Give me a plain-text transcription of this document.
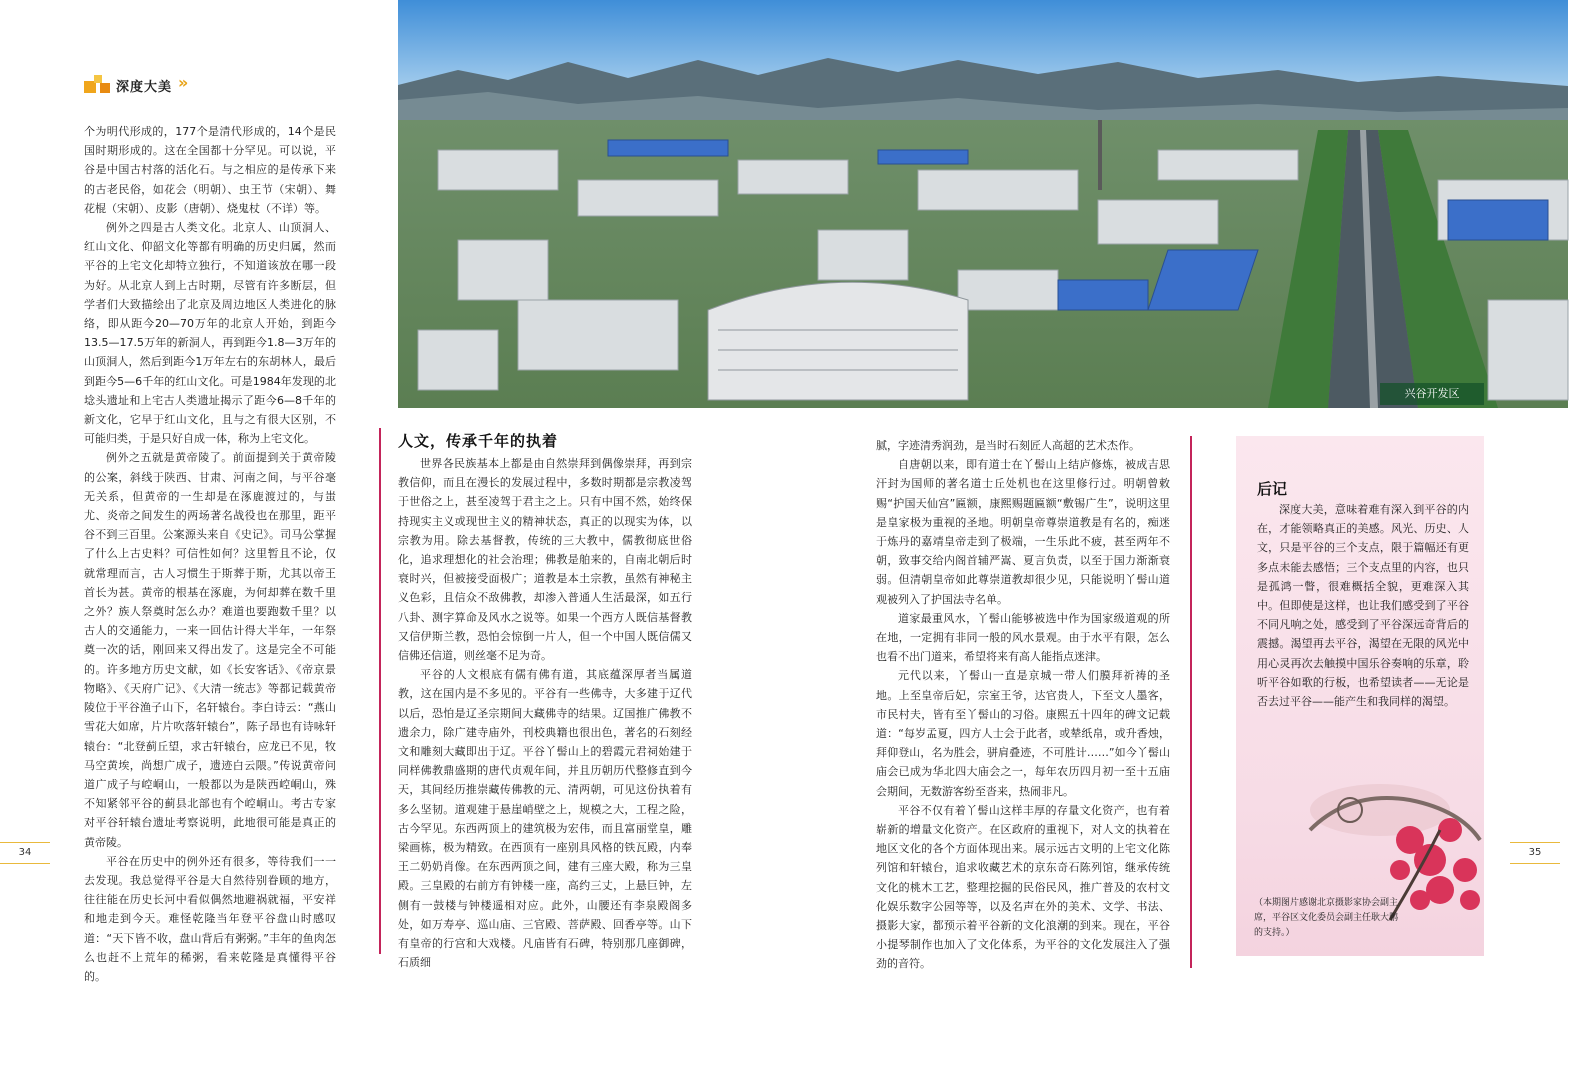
深度大美 »

个为明代形成的，177个是清代形成的，14个是民国时期形成的。这在全国都十分罕见。可以说，平谷是中国古村落的活化石。与之相应的是传承下来的古老民俗，如花会（明朝）、虫王节（宋朝）、舞花棍（宋朝）、皮影（唐朝）、烧鬼杖（不详）等。

例外之四是古人类文化。北京人、山顶洞人、红山文化、仰韶文化等都有明确的历史归属，然而平谷的上宅文化却特立独行，不知道该放在哪一段为好。从北京人到上古时期，尽管有许多断层，但学者们大致描绘出了北京及周边地区人类进化的脉络，即从距今20—70万年的北京人开始，到距今13.5—17.5万年的新洞人，再到距今1.8—3万年的山顶洞人，然后到距今1万年左右的东胡林人，最后到距今5—6千年的红山文化。可是1984年发现的北埝头遗址和上宅古人类遗址揭示了距今6—8千年的新文化，它早于红山文化，且与之有很大区别，不可能归类，于是只好自成一体，称为上宅文化。

例外之五就是黄帝陵了。前面提到关于黄帝陵的公案，斜线于陕西、甘肃、河南之间，与平谷毫无关系，但黄帝的一生却是在涿鹿渡过的，与蚩尤、炎帝之间发生的两场著名战役也在那里，距平谷不到三百里。公案源头来自《史记》。司马公掌握了什么上古史料？可信性如何？这里暂且不论，仅就常理而言，古人习惯生于斯葬于斯，尤其以帝王首长为甚。黄帝的根基在涿鹿，为何却葬在数千里之外？族人祭奠时怎么办？难道也要跑数千里？以古人的交通能力，一来一回估计得大半年，一年祭奠一次的话，刚回来又得出发了。这是完全不可能的。许多地方历史文献，如《长安客话》、《帝京景物略》、《天府广记》、《大清一统志》等都记载黄帝陵位于平谷渔子山下，名轩辕台。李白诗云：“燕山雪花大如席，片片吹落轩辕台”，陈子昂也有诗咏轩辕台：“北登蓟丘望，求古轩辕台，应龙已不见，牧马空黄埃，尚想广成子，遗迹白云隈。”传说黄帝问道广成子与崆峒山，一般都以为是陕西崆峒山，殊不知紧邻平谷的蓟县北部也有个崆峒山。考古专家对平谷轩辕台遗址考察说明，此地很可能是真正的黄帝陵。

平谷在历史中的例外还有很多，等待我们一一去发现。我总觉得平谷是大自然待别眷顾的地方，往往能在历史长河中看似偶然地避祸就福，平安祥和地走到今天。难怪乾隆当年登平谷盘山时感叹道：“天下皆不收，盘山背后有粥粥。”丰年的鱼肉怎么也赶不上荒年的稀粥，看来乾隆是真懂得平谷的。

兴谷开发区
人文，传承千年的执着

世界各民族基本上都是由自然崇拜到偶像崇拜，再到宗教信仰，而且在漫长的发展过程中，多数时期都是宗教凌驾于世俗之上，甚至凌驾于君主之上。只有中国不然，始终保持现实主义或现世主义的精神状态，真正的以现实为体，以宗教为用。除去基督教，传统的三大教中，儒教彻底世俗化，追求理想化的社会治理；佛教是舶来的，自南北朝后时衰时兴，但被接受面极广；道教是本土宗教，虽然有神秘主义色彩，且信众不敌佛教，却渗入普通人生活最深，如五行八卦、测字算命及风水之说等。如果一个西方人既信基督教又信伊斯兰教，恐怕会惊倒一片人，但一个中国人既信儒又信佛还信道，则丝毫不足为奇。

平谷的人文根底有儒有佛有道，其底蕴深厚者当属道教，这在国内是不多见的。平谷有一些佛寺，大多建于辽代以后，恐怕是辽圣宗期间大藏佛寺的结果。辽国推广佛教不遗余力，除广建寺庙外，刊校典籍也很出色，著名的石刻经文和雕刻大藏即出于辽。平谷丫髻山上的碧霞元君祠始建于同样佛教鼎盛期的唐代贞观年间，并且历朝历代整修直到今天，其间经历推崇藏传佛教的元、清两朝，可见这份执着有多么坚韧。道观建于悬崖峭壁之上，规模之大，工程之险，古今罕见。东西两顶上的建筑极为宏伟，而且富丽堂皇，雕梁画栋，极为精致。在西顶有一座别具风格的铁瓦殿，内奉王二奶奶肖像。在东西两顶之间，建有三座大殿，称为三皇殿。三皇殿的右前方有钟楼一座，高约三丈，上悬巨钟，左侧有一鼓楼与钟楼遥相对应。此外，山腰还有李泉殿阁多处，如万寿亭、巡山庙、三官殿、菩萨殿、回香亭等。山下有皇帝的行宫和大戏楼。凡庙皆有石碑，特别那几座御碑，石质细

腻，字迹清秀润劲，是当时石刻匠人高超的艺术杰作。

自唐朝以来，即有道士在丫髻山上结庐修炼，被成吉思汗封为国师的著名道士丘处机也在这里修行过。明朝曾敕赐“护国天仙宫”匾额，康熙赐题匾额“敷锡广生”，说明这里是皇家极为重视的圣地。明朝皇帝尊崇道教是有名的，痴迷于炼丹的嘉靖皇帝走到了极端，一生乐此不疲，甚至两年不朝，致事交给内阁首辅严嵩、夏言负责，以至于国力渐渐衰弱。但清朝皇帝如此尊崇道教却很少见，只能说明丫髻山道观被列入了护国法寺名单。

道家最重风水，丫髻山能够被选中作为国家级道观的所在地，一定拥有非同一般的风水景观。由于水平有限，怎么也看不出门道来，希望将来有高人能指点迷津。

元代以来，丫髻山一直是京城一带人们膜拜祈祷的圣地。上至皇帝后妃，宗室王爷，达官贵人，下至文人墨客，市民村夫，皆有至丫髻山的习俗。康熙五十四年的碑文记载道：“每岁孟夏，四方人士会于此者，或辇纸帛，或升香烛，拜仰登山，名为胜会，骈肩叠迹，不可胜计……”如今丫髻山庙会已成为华北四大庙会之一，每年农历四月初一至十五庙会期间，无数游客纷至沓来，热闹非凡。

平谷不仅有着丫髻山这样丰厚的存量文化资产，也有着崭新的增量文化资产。在区政府的重视下，对人文的执着在地区文化的各个方面体现出来。展示远古文明的上宅文化陈列馆和轩辕台，追求收藏艺术的京东奇石陈列馆，继承传统文化的桃木工艺，整理挖掘的民俗民风，推广普及的农村文化娱乐数字公园等等，以及名声在外的美术、文学、书法、摄影大家，都预示着平谷新的文化浪潮的到来。现在，平谷小提琴制作也加入了文化体系，为平谷的文化发展注入了强劲的音符。

后记

深度大美，意味着难有深入到平谷的内在，才能领略真正的美感。风光、历史、人文，只是平谷的三个支点，限于篇幅还有更多点未能去感悟；三个支点里的内容，也只是孤鸿一瞥，很难概括全貌，更难深入其中。但即使是这样，也让我们感受到了平谷不同凡响之处，感受到了平谷深远奇背后的震撼。渴望再去平谷，渴望在无限的风光中用心灵再次去触摸中国乐谷奏响的乐章，聆听平谷如歌的行板，也希望读者——无论是否去过平谷——能产生和我同样的渴望。

（本期图片感谢北京摄影家协会副主席，平谷区文化委员会副主任耿大鹏的支持。）
34	35
